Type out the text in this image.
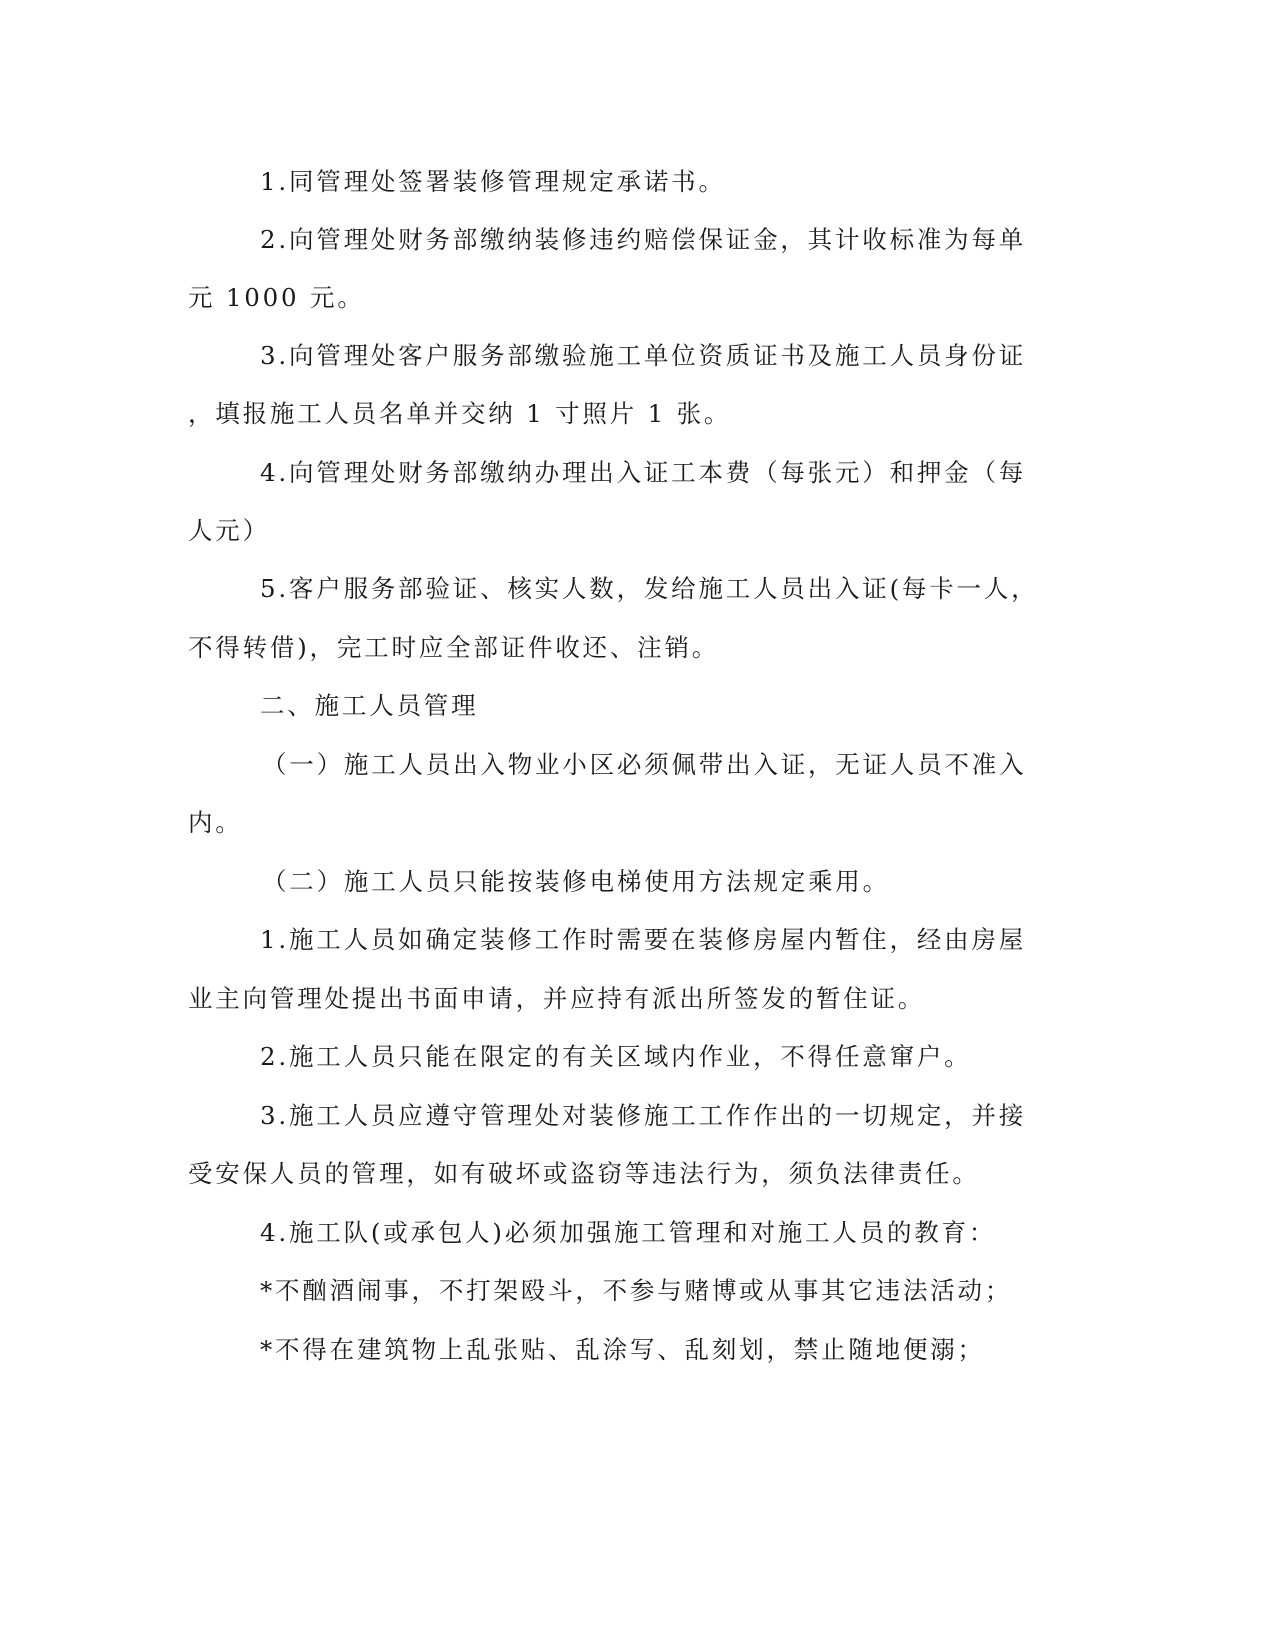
1.同管理处签署装修管理规定承诺书。
2.向管理处财务部缴纳装修违约赔偿保证金，其计收标准为每单
元 1000 元。
3.向管理处客户服务部缴验施工单位资质证书及施工人员身份证
，填报施工人员名单并交纳 1 寸照片 1 张。
4.向管理处财务部缴纳办理出入证工本费（每张元）和押金（每
人元）
5.客户服务部验证、核实人数，发给施工人员出入证(每卡一人，
不得转借)，完工时应全部证件收还、注销。
二、施工人员管理
（一）施工人员出入物业小区必须佩带出入证，无证人员不准入
内。
（二）施工人员只能按装修电梯使用方法规定乘用。
1.施工人员如确定装修工作时需要在装修房屋内暂住，经由房屋
业主向管理处提出书面申请，并应持有派出所签发的暂住证。
2.施工人员只能在限定的有关区域内作业，不得任意窜户。
3.施工人员应遵守管理处对装修施工工作作出的一切规定，并接
受安保人员的管理，如有破坏或盗窃等违法行为，须负法律责任。
4.施工队(或承包人)必须加强施工管理和对施工人员的教育：
*不酗酒闹事，不打架殴斗，不参与赌博或从事其它违法活动；
*不得在建筑物上乱张贴、乱涂写、乱刻划，禁止随地便溺；
